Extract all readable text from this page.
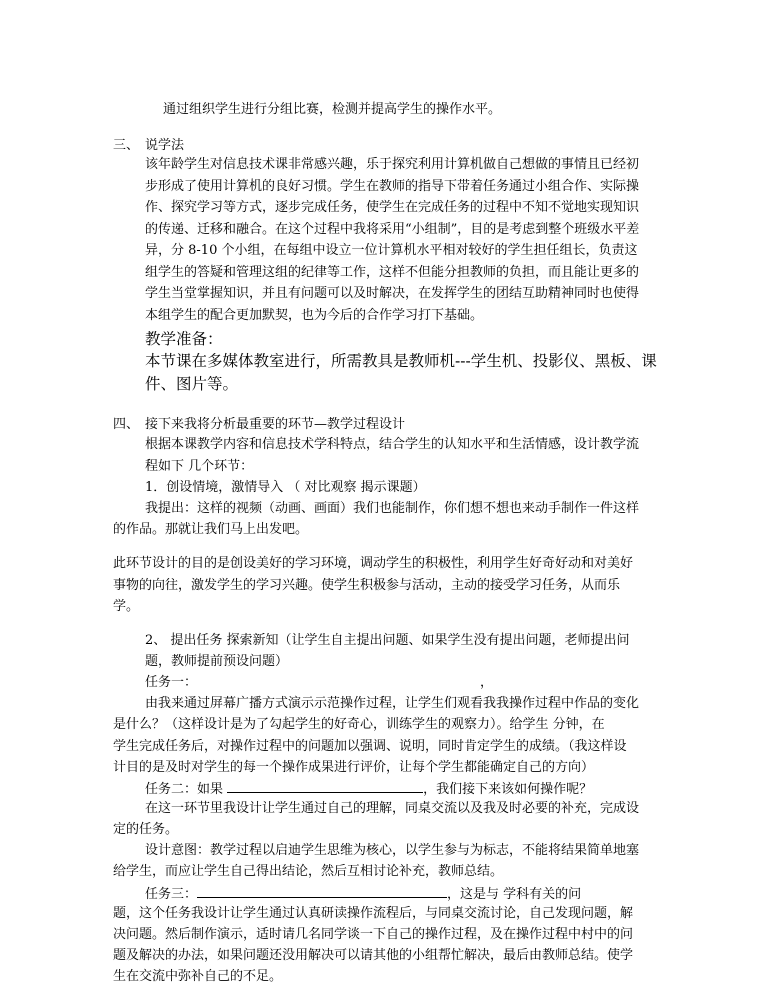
通过组织学生进行分组比赛，检测并提高学生的操作水平。
三、 说学法
该年龄学生对信息技术课非常感兴趣，乐于探究利用计算机做自己想做的事情且已经初
步形成了使用计算机的良好习惯。学生在教师的指导下带着任务通过小组合作、实际操
作、探究学习等方式，逐步完成任务，使学生在完成任务的过程中不知不觉地实现知识
的传递、迁移和融合。在这个过程中我将采用“小组制”，目的是考虑到整个班级水平差
异，分 8-10 个小组，在每组中设立一位计算机水平相对较好的学生担任组长，负责这
组学生的答疑和管理这组的纪律等工作，这样不但能分担教师的负担，而且能让更多的
学生当堂掌握知识，并且有问题可以及时解决，在发挥学生的团结互助精神同时也使得
本组学生的配合更加默契，也为今后的合作学习打下基础。
教学准备：
本节课在多媒体教室进行，所需教具是教师机---学生机、投影仪、黑板、课
件、图片等。
四、 接下来我将分析最重要的环节—教学过程设计
根据本课教学内容和信息技术学科特点，结合学生的认知水平和生活情感，设计教学流
程如下 几个环节：
1．创设情境，激情导入 （ 对比观察 揭示课题）
我提出：这样的视频（动画、画面）我们也能制作，你们想不想也来动手制作一件这样
的作品。那就让我们马上出发吧。
此环节设计的目的是创设美好的学习环境，调动学生的积极性，利用学生好奇好动和对美好
事物的向往，激发学生的学习兴趣。使学生积极参与活动，主动的接受学习任务，从而乐
学。
2、 提出任务 探索新知（让学生自主提出问题、如果学生没有提出问题，老师提出问
题，教师提前预设问题）
任务一：	，
由我来通过屏幕广播方式演示示范操作过程，让学生们观看我我操作过程中作品的变化
是什么？（这样设计是为了勾起学生的好奇心，训练学生的观察力）。给学生 分钟，在
学生完成任务后，对操作过程中的问题加以强调、说明，同时肯定学生的成绩。（我这样设
计目的是及时对学生的每一个操作成果进行评价，让每个学生都能确定自己的方向）
任务二：如果	，我们接下来该如何操作呢？
在这一环节里我设计让学生通过自己的理解，同桌交流以及我及时必要的补充，完成设
定的任务。
设计意图：教学过程以启迪学生思维为核心，以学生参与为标志，不能将结果简单地塞
给学生，而应让学生自己得出结论，然后互相讨论补充，教师总结。
任务三：	，这是与 学科有关的问
题，这个任务我设计让学生通过认真研读操作流程后，与同桌交流讨论，自己发现问题，解
决问题。然后制作演示，适时请几名同学谈一下自己的操作过程，及在操作过程中村中的问
题及解决的办法，如果问题还没用解决可以请其他的小组帮忙解决，最后由教师总结。使学
生在交流中弥补自己的不足。
